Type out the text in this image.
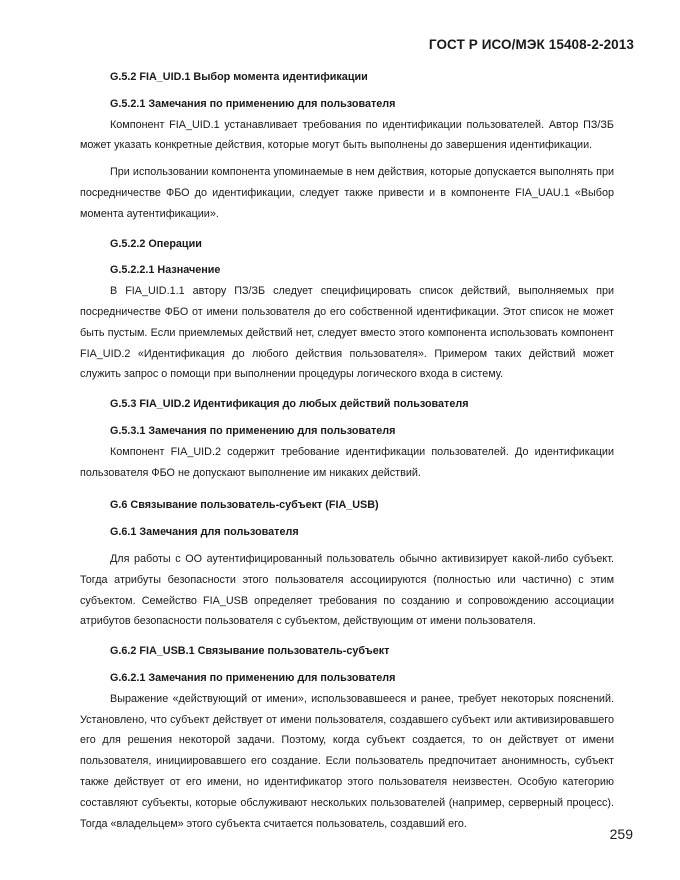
ГОСТ Р ИСО/МЭК 15408-2-2013

G.5.2 FIA_UID.1 Выбор момента идентификации

G.5.2.1 Замечания по применению для пользователя

Компонент FIA_UID.1 устанавливает требования по идентификации пользователей. Автор ПЗ/ЗБ может указать конкретные действия, которые могут быть выполнены до завершения идентификации.

При использовании компонента упоминаемые в нем действия, которые допускается выполнять при посредничестве ФБО до идентификации, следует также привести и в компоненте FIA_UAU.1 «Выбор момента аутентификации».

G.5.2.2 Операции

G.5.2.2.1 Назначение

В FIA_UID.1.1 автору ПЗ/ЗБ следует специфицировать список действий, выполняемых при посредничестве ФБО от имени пользователя до его собственной идентификации. Этот список не может быть пустым. Если приемлемых действий нет, следует вместо этого компонента использовать компонент FIA_UID.2 «Идентификация до любого действия пользователя». Примером таких действий может служить запрос о помощи при выполнении процедуры логического входа в систему.

G.5.3 FIA_UID.2 Идентификация до любых действий пользователя

G.5.3.1 Замечания по применению для пользователя

Компонент FIA_UID.2 содержит требование идентификации пользователей. До идентификации пользователя ФБО не допускают выполнение им никаких действий.

G.6 Связывание пользователь-субъект (FIA_USB)

G.6.1 Замечания для пользователя

Для работы с ОО аутентифицированный пользователь обычно активизирует какой-либо субъект. Тогда атрибуты безопасности этого пользователя ассоциируются (полностью или частично) с этим субъектом. Семейство FIA_USB определяет требования по созданию и сопровождению ассоциации атрибутов безопасности пользователя с субъектом, действующим от имени пользователя.

G.6.2 FIA_USB.1 Связывание пользователь-субъект

G.6.2.1 Замечания по применению для пользователя

Выражение «действующий от имени», использовавшееся и ранее, требует некоторых пояснений. Установлено, что субъект действует от имени пользователя, создавшего субъект или активизировавшего его для решения некоторой задачи. Поэтому, когда субъект создается, то он действует от имени пользователя, инициировавшего его создание. Если пользователь предпочитает анонимность, субъект также действует от его имени, но идентификатор этого пользователя неизвестен. Особую категорию составляют субъекты, которые обслуживают нескольких пользователей (например, серверный процесс). Тогда «владельцем» этого субъекта считается пользователь, создавший его.

259
